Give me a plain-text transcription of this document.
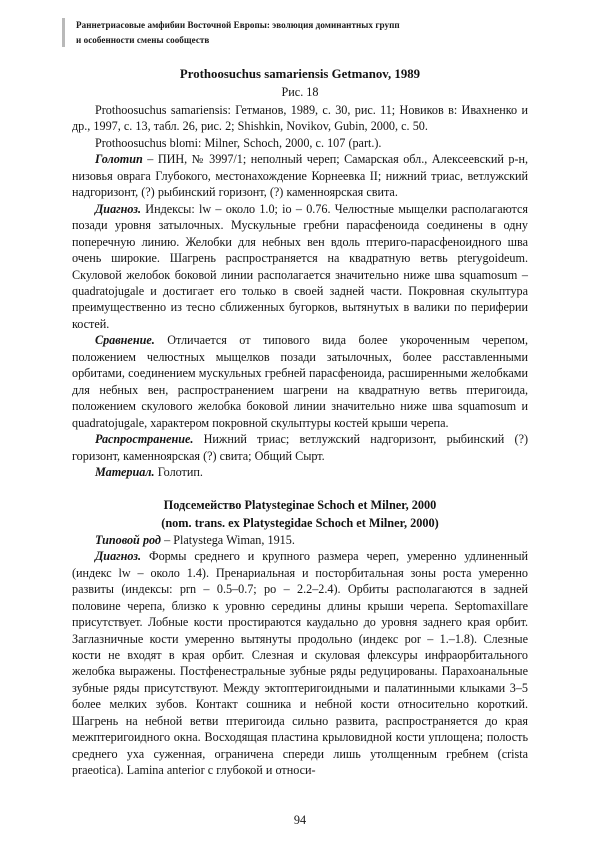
Раннетриасовые амфибии Восточной Европы: эволюция доминантных групп
и особенности смены сообществ
Prothoosuchus samariensis Getmanov, 1989
Рис. 18

Prothoosuchus samariensis: Гетманов, 1989, с. 30, рис. 11; Новиков в: Ивахненко и др., 1997, с. 13, табл. 26, рис. 2; Shishkin, Novikov, Gubin, 2000, с. 50.

Prothoosuchus blomi: Milner, Schoch, 2000, с. 107 (part.).

Голотип – ПИН, № 3997/1; неполный череп; Самарская обл., Алексеевский р-н, низовья оврага Глубокого, местонахождение Корнеевка II; нижний триас, ветлужский надгоризонт, (?) рыбинский горизонт, (?) каменноярская свита.

Диагноз. Индексы: lw – около 1.0; io – 0.76. Челюстные мыщелки располагаются позади уровня затылочных. Мускульные гребни парасфеноида соединены в одну поперечную линию. Желобки для небных вен вдоль птериго-парасфеноидного шва очень широкие. Шагрень распространяется на квадратную ветвь pterygoideum. Скуловой желобок боковой линии располагается значительно ниже шва squamosum – quadratojugale и достигает его только в своей задней части. Покровная скульптура преимущественно из тесно сближенных бугорков, вытянутых в валики по периферии костей.

Сравнение. Отличается от типового вида более укороченным черепом, положением челюстных мыщелков позади затылочных, более расставленными орбитами, соединением мускульных гребней парасфеноида, расширенными желобками для небных вен, распространением шагрени на квадратную ветвь птеригоида, положением скулового желобка боковой линии значительно ниже шва squamosum и quadratojugale, характером покровной скульптуры костей крыши черепа.

Распространение. Нижний триас; ветлужский надгоризонт, рыбинский (?) горизонт, каменноярская (?) свита; Общий Сырт.

Материал. Голотип.

Подсемейство Platysteginae Schoch et Milner, 2000
(nom. trans. ex Platystegidae Schoch et Milner, 2000)

Типовой род – Platystega Wiman, 1915.

Диагноз. Формы среднего и крупного размера череп, умеренно удлиненный (индекс lw – около 1.4). Пренариальная и посторбитальная зоны роста умеренно развиты (индексы: prn – 0.5–0.7; po – 2.2–2.4). Орбиты располагаются в задней половине черепа, близко к уровню середины длины крыши черепа. Septomaxillare присутствует. Лобные кости простираются каудально до уровня заднего края орбит. Заглазничные кости умеренно вытянуты продольно (индекс por – 1.–1.8). Слезные кости не входят в края орбит. Слезная и скуловая флексуры инфраорбитального желобка выражены. Постфенестральные зубные ряды редуцированы. Парахоанальные зубные ряды присутствуют. Между эктоптеригоидными и палатинными клыками 3–5 более мелких зубов. Контакт сошника и небной кости относительно короткий. Шагрень на небной ветви птеригоида сильно развита, распространяется до края межптеригоидного окна. Восходящая пластина крыловидной кости уплощена; полость среднего уха суженная, ограничена спереди лишь утолщенным гребнем (crista praeotica). Lamina anterior с глубокой и относи-

94
